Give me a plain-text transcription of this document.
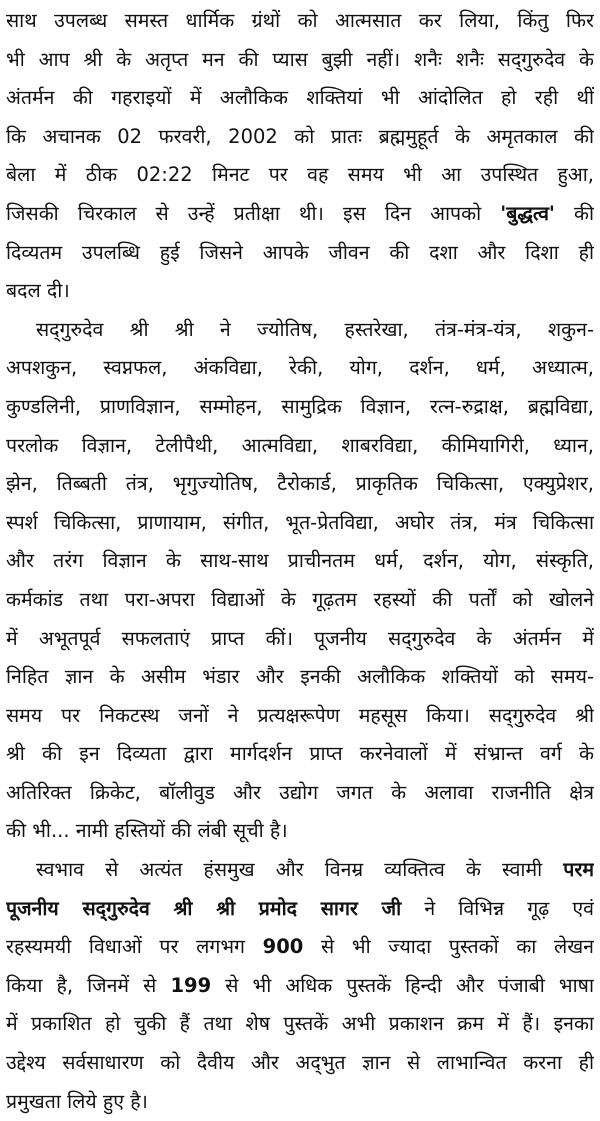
साथ उपलब्ध समस्त धार्मिक ग्रंथों को आत्मसात कर लिया, किंतु फिर
भी आप श्री के अतृप्त मन की प्यास बुझी नहीं। शनैः शनैः सद्‌गुरुदेव के
अंतर्मन की गहराइयों में अलौकिक शक्तियां भी आंदोलित हो रही थीं
कि अचानक 02 फरवरी, 2002 को प्रातः ब्रह्ममुहूर्त के अमृतकाल की
बेला में ठीक 02:22 मिनट पर वह समय भी आ उपस्थित हुआ,
जिसकी चिरकाल से उन्हें प्रतीक्षा थी। इस दिन आपको 'बुद्धत्व' की
दिव्यतम उपलब्धि हुई जिसने आपके जीवन की दशा और दिशा ही
बदल दी।
सद्‌गुरुदेव श्री श्री ने ज्योतिष, हस्तरेखा, तंत्र-मंत्र-यंत्र, शकुन-
अपशकुन, स्वप्नफल, अंकविद्या, रेकी, योग, दर्शन, धर्म, अध्यात्म,
कुण्डलिनी, प्राणविज्ञान, सम्मोहन, सामुद्रिक विज्ञान, रत्न-रुद्राक्ष, ब्रह्मविद्या,
परलोक विज्ञान, टेलीपैथी, आत्मविद्या, शाबरविद्या, कीमियागिरी, ध्यान,
झेन, तिब्बती तंत्र, भृगुज्योतिष, टैरोकार्ड, प्राकृतिक चिकित्सा, एक्युप्रेशर,
स्पर्श चिकित्सा, प्राणायाम, संगीत, भूत-प्रेतविद्या, अघोर तंत्र, मंत्र चिकित्सा
और तरंग विज्ञान के साथ-साथ प्राचीनतम धर्म, दर्शन, योग, संस्कृति,
कर्मकांड तथा परा-अपरा विद्याओं के गूढ़तम रहस्यों की पर्तों को खोलने
में अभूतपूर्व सफलताएं प्राप्त कीं। पूजनीय सद्‌गुरुदेव के अंतर्मन में
निहित ज्ञान के असीम भंडार और इनकी अलौकिक शक्तियों को समय-
समय पर निकटस्थ जनों ने प्रत्यक्षरूपेण महसूस किया। सद्‌गुरुदेव श्री
श्री की इन दिव्यता द्वारा मार्गदर्शन प्राप्त करनेवालों में संभ्रान्त वर्ग के
अतिरिक्त क्रिकेट, बॉलीवुड और उद्योग जगत के अलावा राजनीति क्षेत्र
की भी... नामी हस्तियों की लंबी सूची है।
स्वभाव से अत्यंत हंसमुख और विनम्र व्यक्तित्व के स्वामी परम
पूजनीय सद्‌गुरुदेव श्री श्री प्रमोद सागर जी ने विभिन्न गूढ़ एवं
रहस्यमयी विधाओं पर लगभग 900 से भी ज्यादा पुस्तकों का लेखन
किया है, जिनमें से 199 से भी अधिक पुस्तकें हिन्दी और पंजाबी भाषा
में प्रकाशित हो चुकी हैं तथा शेष पुस्तकें अभी प्रकाशन क्रम में हैं। इनका
उद्देश्य सर्वसाधारण को दैवीय और अद्‌भुत ज्ञान से लाभान्वित करना ही
प्रमुखता लिये हुए है।
